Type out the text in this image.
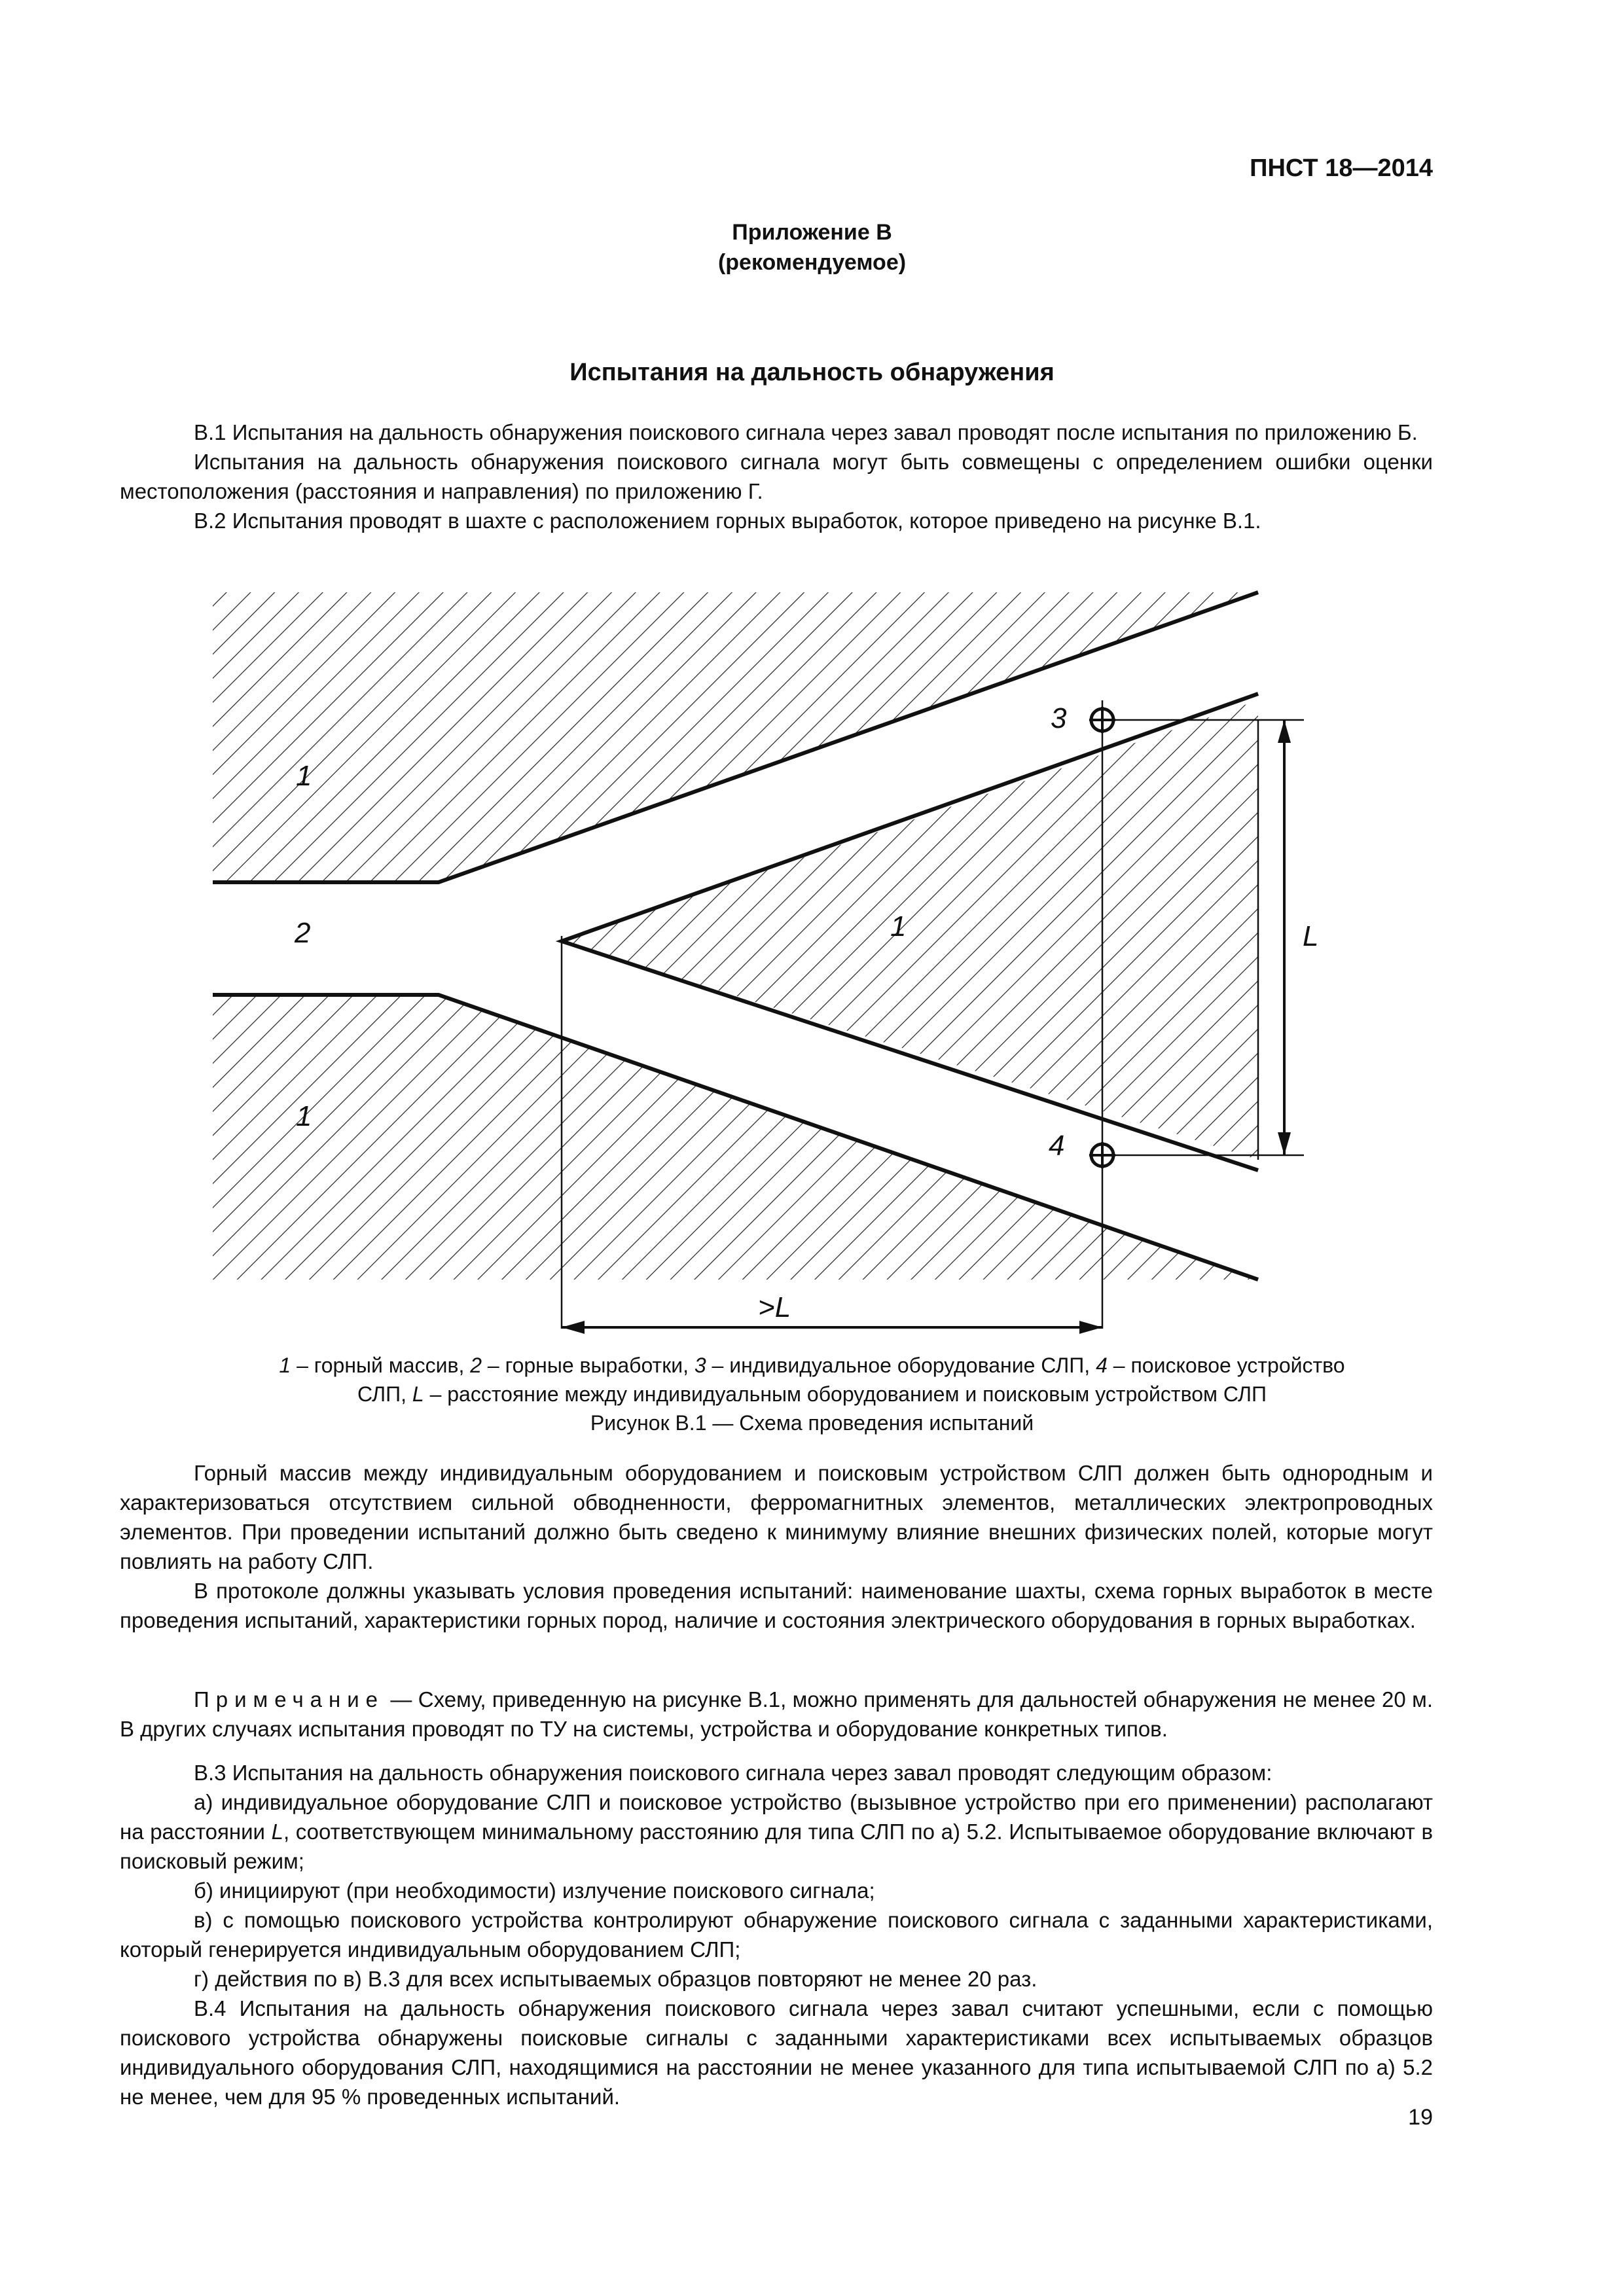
ПНСТ 18—2014
Приложение В
(рекомендуемое)
Испытания на дальность обнаружения

В.1 Испытания на дальность обнаружения поискового сигнала через завал проводят после испытания по приложению Б.

Испытания на дальность обнаружения поискового сигнала могут быть совмещены с определением ошибки оценки местоположения (расстояния и направления) по приложению Г.

В.2 Испытания проводят в шахте с расположением горных выработок, которое приведено на рисунке В.1.

1
1
1
2
3
4
L
>L
1 – горный массив, 2 – горные выработки, 3 – индивидуальное оборудование СЛП, 4 – поисковое устройство
СЛП, L – расстояние между индивидуальным оборудованием и поисковым устройством СЛП
Рисунок В.1 — Схема проведения испытаний

Горный массив между индивидуальным оборудованием и поисковым устройством СЛП должен быть однородным и характеризоваться отсутствием сильной обводненности, ферромагнитных элементов, металлических электропроводных элементов. При проведении испытаний должно быть сведено к минимуму влияние внешних физических полей, которые могут повлиять на работу СЛП.

В протоколе должны указывать условия проведения испытаний: наименование шахты, схема горных выработок в месте проведения испытаний, характеристики горных пород, наличие и состояния электрического оборудования в горных выработках.

Примечание — Схему, приведенную на рисунке В.1, можно применять для дальностей обнаружения не менее 20 м. В других случаях испытания проводят по ТУ на системы, устройства и оборудование конкретных типов.

В.3 Испытания на дальность обнаружения поискового сигнала через завал проводят следующим образом:

а) индивидуальное оборудование СЛП и поисковое устройство (вызывное устройство при его применении) располагают на расстоянии L, соответствующем минимальному расстоянию для типа СЛП по а) 5.2. Испытываемое оборудование включают в поисковый режим;

б) инициируют (при необходимости) излучение поискового сигнала;

в) с помощью поискового устройства контролируют обнаружение поискового сигнала с заданными характеристиками, который генерируется индивидуальным оборудованием СЛП;

г) действия по в) В.3 для всех испытываемых образцов повторяют не менее 20 раз.

В.4 Испытания на дальность обнаружения поискового сигнала через завал считают успешными, если с помощью поискового устройства обнаружены поисковые сигналы с заданными характеристиками всех испытываемых образцов индивидуального оборудования СЛП, находящимися на расстоянии не менее указанного для типа испытываемой СЛП по а) 5.2 не менее, чем для 95 % проведенных испытаний.

19
